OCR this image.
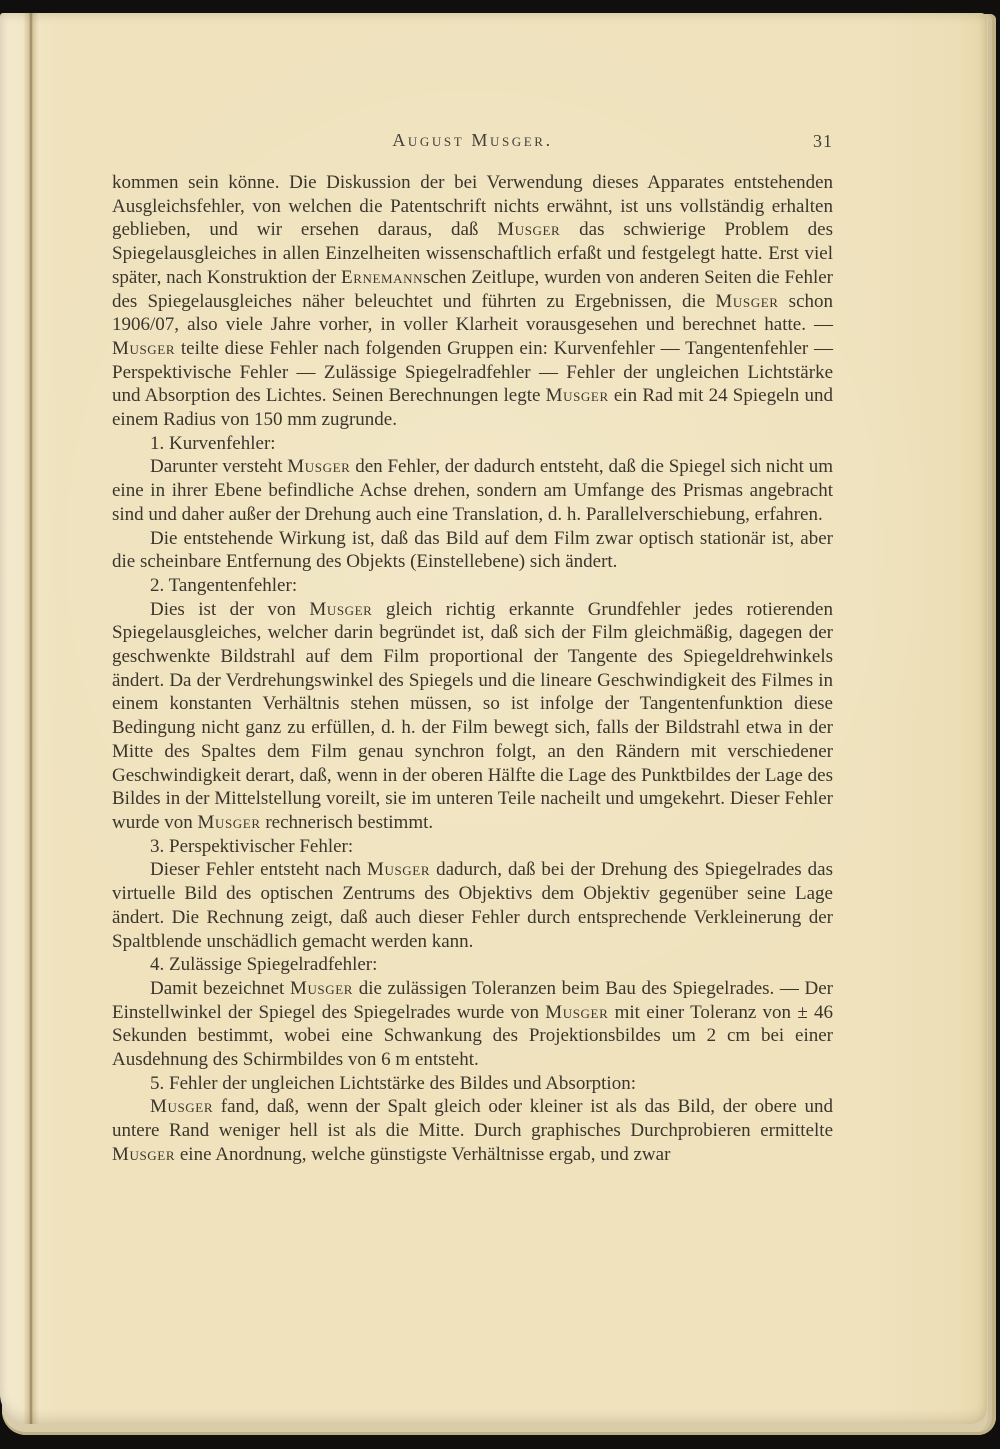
August Musger.	31

kommen sein könne. Die Diskussion der bei Verwendung dieses Apparates entstehenden Ausgleichsfehler, von welchen die Patentschrift nichts erwähnt, ist uns vollständig erhalten geblieben, und wir ersehen daraus, daß Musger das schwierige Problem des Spiegelausgleiches in allen Einzelheiten wissenschaftlich erfaßt und festgelegt hatte. Erst viel später, nach Konstruktion der Ernemannschen Zeitlupe, wurden von anderen Seiten die Fehler des Spiegelausgleiches näher beleuchtet und führten zu Ergebnissen, die Musger schon 1906/07, also viele Jahre vorher, in voller Klarheit vorausgesehen und berechnet hatte. — Musger teilte diese Fehler nach folgenden Gruppen ein: Kurvenfehler — Tangentenfehler — Perspektivische Fehler — Zulässige Spiegelradfehler — Fehler der ungleichen Lichtstärke und Absorption des Lichtes. Seinen Berechnungen legte Musger ein Rad mit 24 Spiegeln und einem Radius von 150 mm zugrunde.

1. Kurvenfehler:

Darunter versteht Musger den Fehler, der dadurch entsteht, daß die Spiegel sich nicht um eine in ihrer Ebene befindliche Achse drehen, sondern am Umfange des Prismas angebracht sind und daher außer der Drehung auch eine Translation, d. h. Parallelverschiebung, erfahren.

Die entstehende Wirkung ist, daß das Bild auf dem Film zwar optisch stationär ist, aber die scheinbare Entfernung des Objekts (Einstellebene) sich ändert.

2. Tangentenfehler:

Dies ist der von Musger gleich richtig erkannte Grundfehler jedes rotierenden Spiegelausgleiches, welcher darin begründet ist, daß sich der Film gleichmäßig, dagegen der geschwenkte Bildstrahl auf dem Film proportional der Tangente des Spiegeldrehwinkels ändert. Da der Verdrehungswinkel des Spiegels und die lineare Geschwindigkeit des Filmes in einem konstanten Verhältnis stehen müssen, so ist infolge der Tangentenfunktion diese Bedingung nicht ganz zu erfüllen, d. h. der Film bewegt sich, falls der Bildstrahl etwa in der Mitte des Spaltes dem Film genau synchron folgt, an den Rändern mit verschiedener Geschwindigkeit derart, daß, wenn in der oberen Hälfte die Lage des Punktbildes der Lage des Bildes in der Mittelstellung voreilt, sie im unteren Teile nacheilt und umgekehrt. Dieser Fehler wurde von Musger rechnerisch bestimmt.

3. Perspektivischer Fehler:

Dieser Fehler entsteht nach Musger dadurch, daß bei der Drehung des Spiegelrades das virtuelle Bild des optischen Zentrums des Objektivs dem Objektiv gegenüber seine Lage ändert. Die Rechnung zeigt, daß auch dieser Fehler durch entsprechende Verkleinerung der Spaltblende unschädlich gemacht werden kann.

4. Zulässige Spiegelradfehler:

Damit bezeichnet Musger die zulässigen Toleranzen beim Bau des Spiegelrades. — Der Einstellwinkel der Spiegel des Spiegelrades wurde von Musger mit einer Toleranz von ± 46 Sekunden bestimmt, wobei eine Schwankung des Projektionsbildes um 2 cm bei einer Ausdehnung des Schirmbildes von 6 m entsteht.

5. Fehler der ungleichen Lichtstärke des Bildes und Absorption:

Musger fand, daß, wenn der Spalt gleich oder kleiner ist als das Bild, der obere und untere Rand weniger hell ist als die Mitte. Durch graphisches Durchprobieren ermittelte Musger eine Anordnung, welche günstigste Verhältnisse ergab, und zwar
